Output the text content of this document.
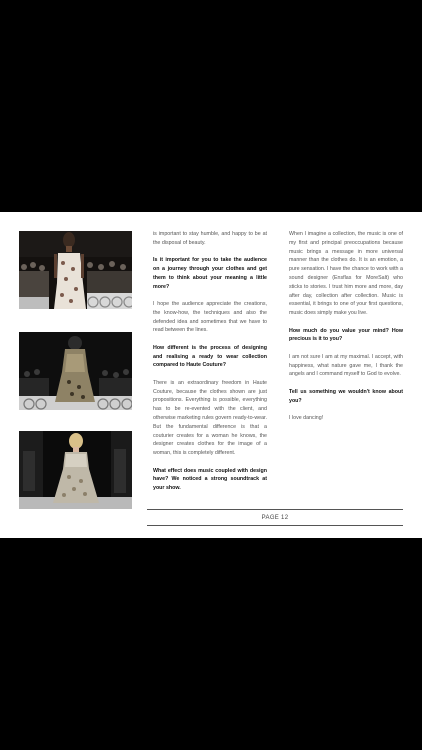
is important to stay humble, and happy to be at the disposal of beauty.

Is it important for you to take the audience on a journey through your clothes and get them to think about your meaning a little more?

I hope the audience appreciate the creations, the know-how, the techniques and also the defended idea and sometimes that we have to read between the lines.

How different is the process of designing and realising a ready to wear collection compared to Haute Couture?

There is an extraordinary freedom in Haute Couture, because the clothes shown are just propositions. Everything is possible, everything has to be re-evented with the client, and otherwise marketing rules govern ready-to-wear. But the fundamental difference is that a couturier creates for a woman he knows, the designer creates clothes for the image of a woman, this is completely different.

What effect does music coupled with design have? We noticed a strong soundtrack at your show.

When I imagine a collection, the music is one of my first and principal preoccupations because music brings a message in more universal manner than the clothes do. It is an emotion, a pure sensation. I have the chance to work with a sound designer (Ensflas for MoreSalt) who sticks to stories. I trust him more and more, day after day, collection after collection. Music is essential, it brings to one of your first questions, music does simply make you live.

How much do you value your mind? How precious is it to you?

I am not sure I am at my maximal. I accept, with happiness, what nature gave me, I thank the angels and I command myself to God to evolve.

Tell us something we wouldn't know about you?

I love dancing!

PAGE 12
